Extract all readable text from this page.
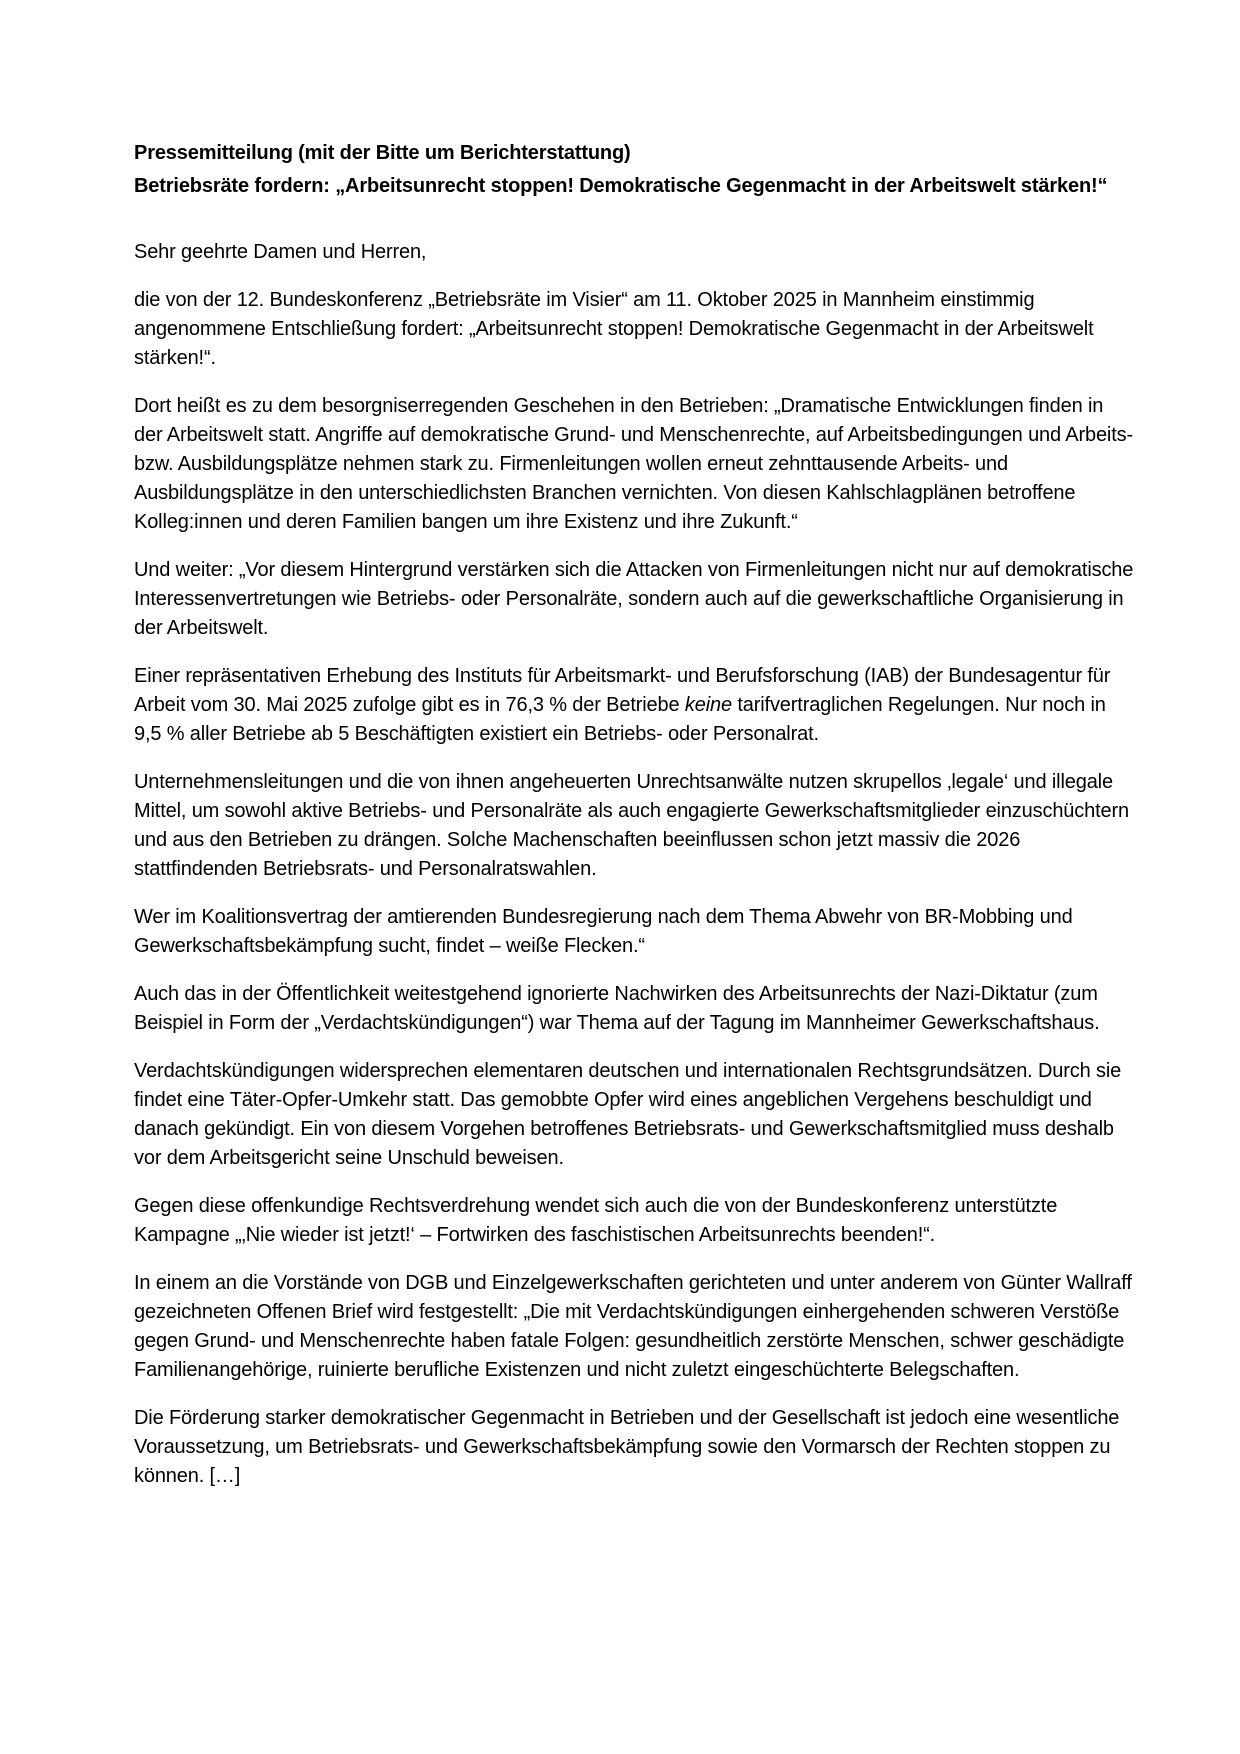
Pressemitteilung (mit der Bitte um Berichterstattung)

Betriebsräte fordern: „Arbeitsunrecht stoppen! Demokratische Gegenmacht in der Arbeitswelt stärken!“

Sehr geehrte Damen und Herren,

die von der 12. Bundeskonferenz „Betriebsräte im Visier“ am 11. Oktober 2025 in Mannheim einstimmig angenommene Entschließung fordert: „Arbeitsunrecht stoppen! Demokratische Gegenmacht in der Arbeitswelt stärken!“.

Dort heißt es zu dem besorgniserregenden Geschehen in den Betrieben: „Dramatische Entwicklungen finden in der Arbeitswelt statt. Angriffe auf demokratische Grund- und Menschenrechte, auf Arbeitsbedingungen und Arbeits- bzw. Ausbildungsplätze nehmen stark zu. Firmenleitungen wollen erneut zehnttausende Arbeits- und Ausbildungsplätze in den unterschiedlichsten Branchen vernichten. Von diesen Kahlschlagplänen betroffene Kolleg:innen und deren Familien bangen um ihre Existenz und ihre Zukunft.“

Und weiter: „Vor diesem Hintergrund verstärken sich die Attacken von Firmenleitungen nicht nur auf demokratische Interessenvertretungen wie Betriebs- oder Personalräte, sondern auch auf die gewerkschaftliche Organisierung in der Arbeitswelt.

Einer repräsentativen Erhebung des Instituts für Arbeitsmarkt- und Berufsforschung (IAB) der Bundesagentur für Arbeit vom 30. Mai 2025 zufolge gibt es in 76,3 % der Betriebe keine tarifvertraglichen Regelungen. Nur noch in 9,5 % aller Betriebe ab 5 Beschäftigten existiert ein Betriebs- oder Personalrat.

Unternehmensleitungen und die von ihnen angeheuerten Unrechtsanwälte nutzen skrupellos ‚legale‘ und illegale Mittel, um sowohl aktive Betriebs- und Personalräte als auch engagierte Gewerkschaftsmitglieder einzuschüchtern und aus den Betrieben zu drängen. Solche Machenschaften beeinflussen schon jetzt massiv die 2026 stattfindenden Betriebsrats- und Personalratswahlen.

Wer im Koalitionsvertrag der amtierenden Bundesregierung nach dem Thema Abwehr von BR-Mobbing und Gewerkschaftsbekämpfung sucht, findet – weiße Flecken.“

Auch das in der Öffentlichkeit weitestgehend ignorierte Nachwirken des Arbeitsunrechts der Nazi-Diktatur (zum Beispiel in Form der „Verdachtskündigungen“) war Thema auf der Tagung im Mannheimer Gewerkschaftshaus.

Verdachtskündigungen widersprechen elementaren deutschen und internationalen Rechtsgrundsätzen. Durch sie findet eine Täter-Opfer-Umkehr statt. Das gemobbte Opfer wird eines angeblichen Vergehens beschuldigt und danach gekündigt. Ein von diesem Vorgehen betroffenes Betriebsrats- und Gewerkschaftsmitglied muss deshalb vor dem Arbeitsgericht seine Unschuld beweisen.

Gegen diese offenkundige Rechtsverdrehung wendet sich auch die von der Bundeskonferenz unterstützte Kampagne „‚Nie wieder ist jetzt!‘ – Fortwirken des faschistischen Arbeitsunrechts beenden!“.

In einem an die Vorstände von DGB und Einzelgewerkschaften gerichteten und unter anderem von Günter Wallraff gezeichneten Offenen Brief wird festgestellt: „Die mit Verdachtskündigungen einhergehenden schweren Verstöße gegen Grund- und Menschenrechte haben fatale Folgen: gesundheitlich zerstörte Menschen, schwer geschädigte Familienangehörige, ruinierte berufliche Existenzen und nicht zuletzt eingeschüchterte Belegschaften.

Die Förderung starker demokratischer Gegenmacht in Betrieben und der Gesellschaft ist jedoch eine wesentliche Voraussetzung, um Betriebsrats- und Gewerkschaftsbekämpfung sowie den Vormarsch der Rechten stoppen zu können. […]
